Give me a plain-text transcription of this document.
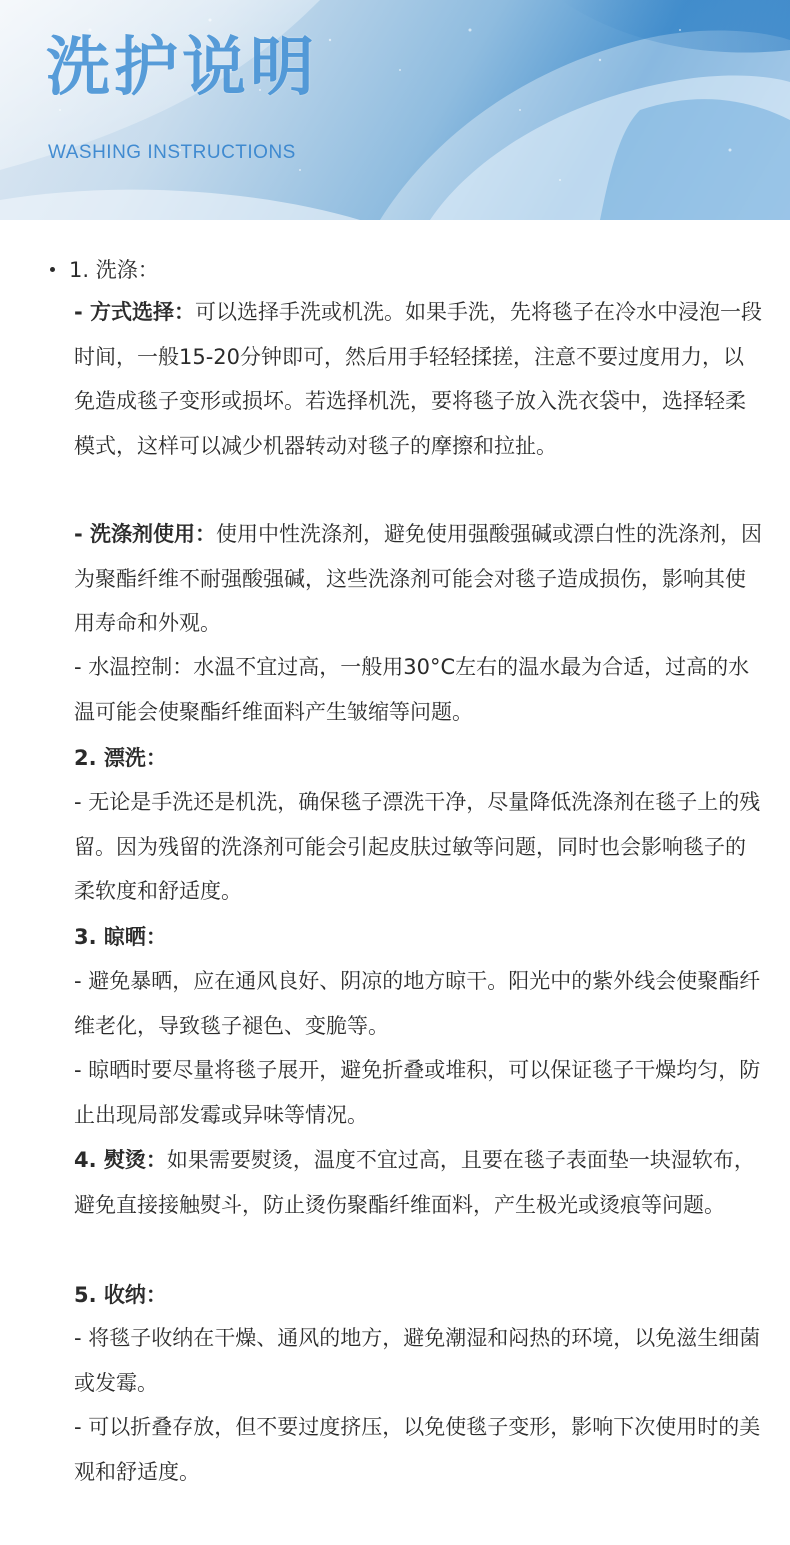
洗护说明
WASHING INSTRUCTIONS
1. 洗涤：
- 方式选择：可以选择手洗或机洗。如果手洗，先将毯子在冷水中浸泡一段时间，一般15-20分钟即可，然后用手轻轻揉搓，注意不要过度用力，以免造成毯子变形或损坏。若选择机洗，要将毯子放入洗衣袋中，选择轻柔模式，这样可以减少机器转动对毯子的摩擦和拉扯。
- 洗涤剂使用：使用中性洗涤剂，避免使用强酸强碱或漂白性的洗涤剂，因为聚酯纤维不耐强酸强碱，这些洗涤剂可能会对毯子造成损伤，影响其使用寿命和外观。
- 水温控制：水温不宜过高，一般用30°C左右的温水最为合适，过高的水温可能会使聚酯纤维面料产生皱缩等问题。
2. 漂洗：
- 无论是手洗还是机洗，确保毯子漂洗干净，尽量降低洗涤剂在毯子上的残留。因为残留的洗涤剂可能会引起皮肤过敏等问题，同时也会影响毯子的柔软度和舒适度。
3. 晾晒：
- 避免暴晒，应在通风良好、阴凉的地方晾干。阳光中的紫外线会使聚酯纤维老化，导致毯子褪色、变脆等。
- 晾晒时要尽量将毯子展开，避免折叠或堆积，可以保证毯子干燥均匀，防止出现局部发霉或异味等情况。
4. 熨烫：如果需要熨烫，温度不宜过高，且要在毯子表面垫一块湿软布，避免直接接触熨斗，防止烫伤聚酯纤维面料，产生极光或烫痕等问题。
5. 收纳：
- 将毯子收纳在干燥、通风的地方，避免潮湿和闷热的环境，以免滋生细菌或发霉。
- 可以折叠存放，但不要过度挤压，以免使毯子变形，影响下次使用时的美观和舒适度。
